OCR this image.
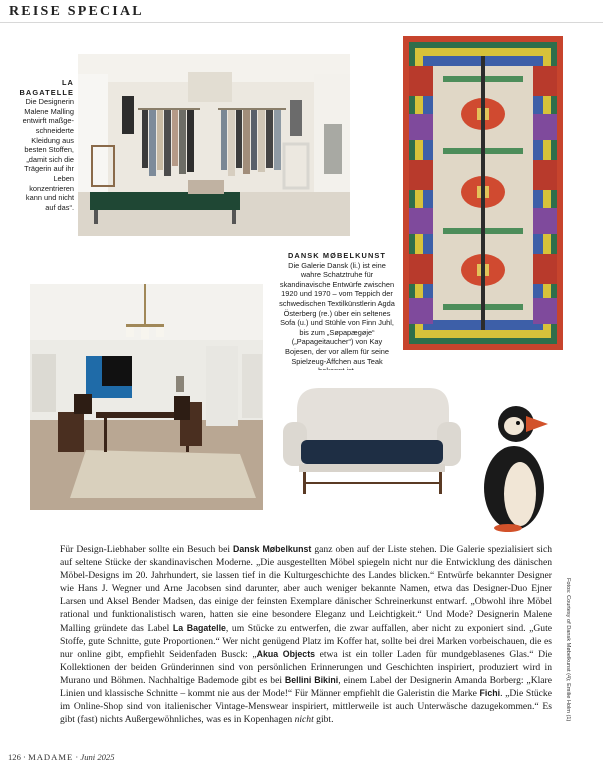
REISE SPECIAL
LA BAGATELLE
Die Designerin Malene Malling entwirft maßgeschneiderte Kleidung aus besten Stoffen, „damit sich die Trägerin auf ihr Leben konzentrieren kann und nicht auf das“.
DANSK MØBELKUNST
Die Galerie Dansk (li.) ist eine wahre Schatztruhe für skandinavische Entwürfe zwischen 1920 und 1970 – vom Teppich der schwedischen Textilkünstlerin Agda Österberg (re.) über ein seltenes Sofa (u.) und Stühle von Finn Juhl, bis zum „Søpapægøje“ („Papageitaucher“) von Kay Bojesen, der vor allem für seine Spielzeug-Äffchen aus Teak
Für Design-Liebhaber sollte ein Besuch bei Dansk Møbelkunst ganz oben auf der Liste stehen. Die Galerie spezialisiert sich auf seltene Stücke der skandinavischen Moderne. „Die ausgestellten Möbel spiegeln nicht nur die Entwicklung des dänischen Möbel-Designs im 20. Jahrhundert, sie lassen tief in die Kulturgeschichte des Landes blicken.“ Entwürfe bekannter Designer wie Hans J. Wegner und Arne Jacobsen sind darunter, aber auch weniger bekannte Namen, etwa das Designer-Duo Ejner Larsen und Aksel Bender Madsen, das einige der feinsten Exemplare dänischer Schreinerkunst entwarf. „Obwohl ihre Möbel rational und funktionalistisch waren, hatten sie eine besondere Eleganz und Leichtigkeit.“ Und Mode? Designerin Malene Malling gründete das Label La Bagatelle, um Stücke zu entwerfen, die zwar auffallen, aber nicht zu exponiert sind. „Gute Stoffe, gute Schnitte, gute Proportionen.“ Wer nicht genügend Platz im Koffer hat, sollte bei drei Marken vorbeischauen, die es nur online gibt, empfiehlt Seidenfaden Busck: „Akua Objects etwa ist ein toller Laden für mundgeblasenes Glas.“ Die Kollektionen der beiden Gründerinnen sind von persönlichen Erinnerungen und Geschichten inspiriert, produziert wird in Murano und Böhmen. Nachhaltige Bademode gibt es bei Bellini Bikini, einem Label der Designerin Amanda Borberg: „Klare Linien und klassische Schnitte – kommt nie aus der Mode!“ Für Männer empfiehlt die Galeristin die Marke Fichi. „Die Stücke im Online-Shop sind von italienischer Vintage-Menswear inspiriert, mittlerweile ist auch Unterwäsche dazugekommen.“ Es gibt (fast) nichts Außergewöhnliches, was es in Kopenhagen nicht gibt.	Fotos: Courtesy of Dansk Møbelkunst (4); Emilie Holm (1)
126 · MADAME · Juni 2025
